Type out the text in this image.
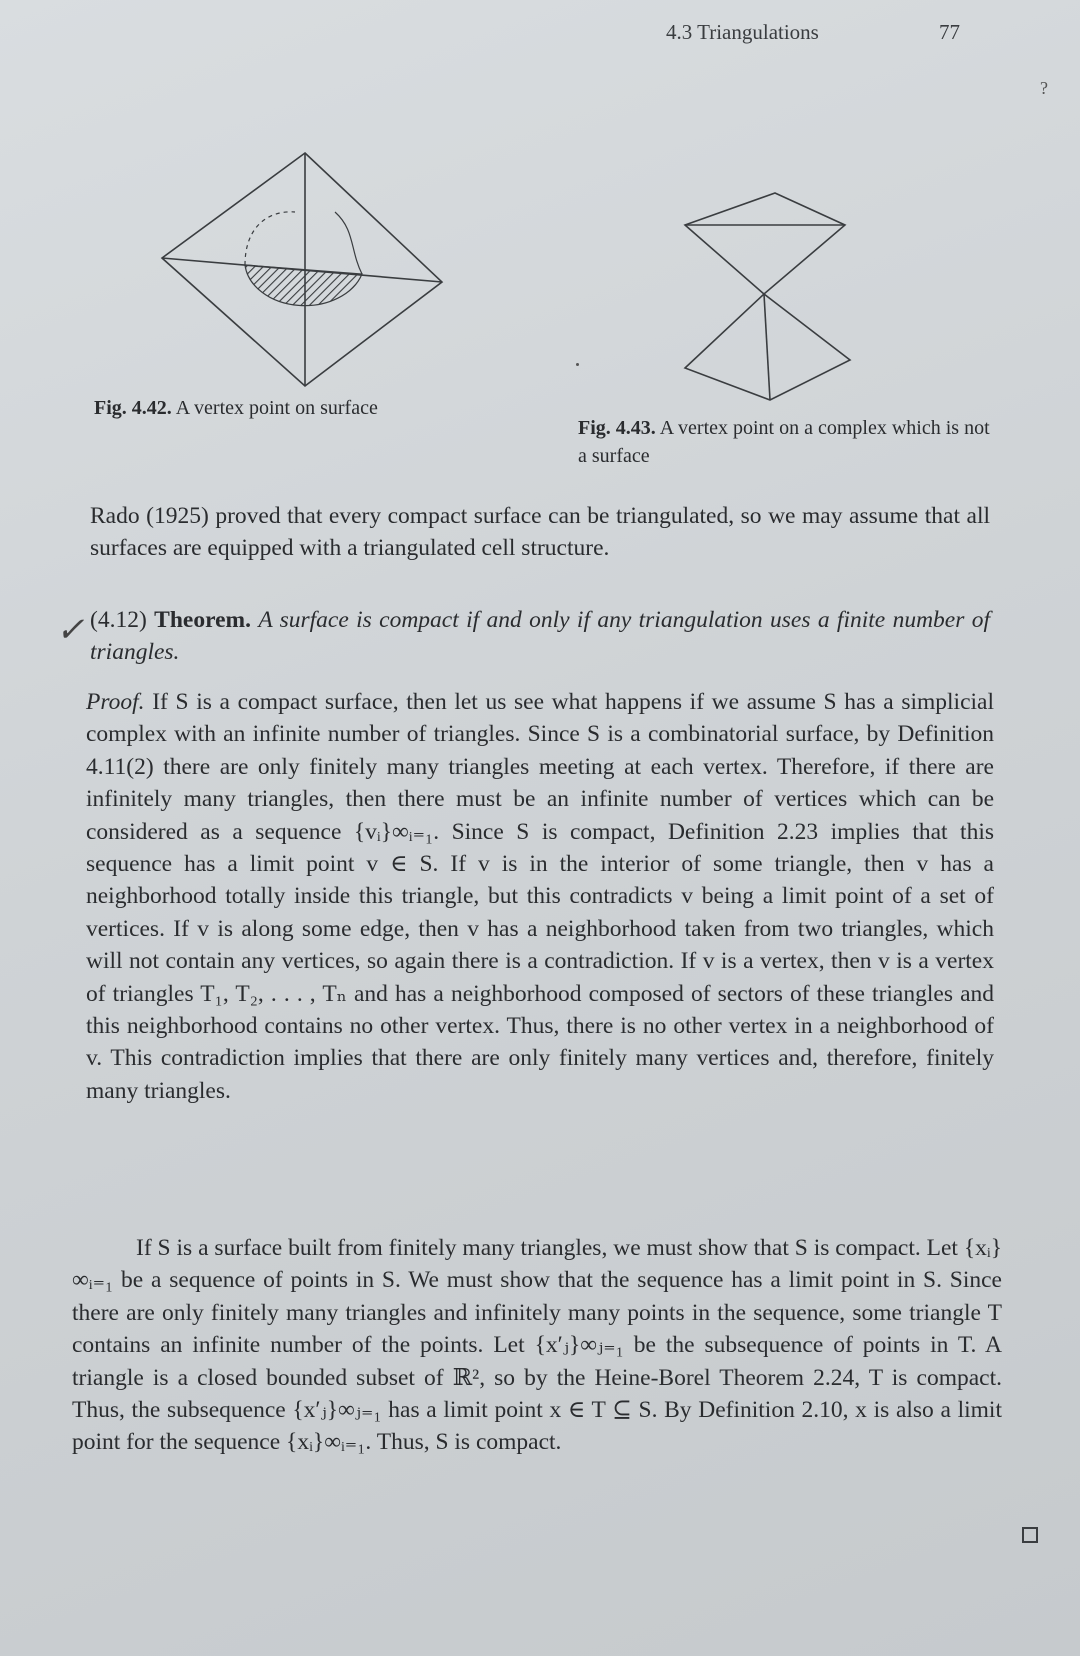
4.3 Triangulations	77
?
Fig. 4.42. A vertex point on surface
Fig. 4.43. A vertex point on a complex which is not a surface
Rado (1925) proved that every compact surface can be triangulated, so we may assume that all surfaces are equipped with a triangulated cell structure.
✓ (4.12) Theorem. A surface is compact if and only if any triangulation uses a finite number of triangles.
Proof. If S is a compact surface, then let us see what happens if we assume S has a simplicial complex with an infinite number of triangles. Since S is a combinatorial surface, by Definition 4.11(2) there are only finitely many triangles meeting at each vertex. Therefore, if there are infinitely many triangles, then there must be an infinite number of vertices which can be considered as a sequence {vᵢ}∞ᵢ₌₁. Since S is compact, Definition 2.23 implies that this sequence has a limit point v ∈ S. If v is in the interior of some triangle, then v has a neighborhood totally inside this triangle, but this contradicts v being a limit point of a set of vertices. If v is along some edge, then v has a neighborhood taken from two triangles, which will not contain any vertices, so again there is a contradiction. If v is a vertex, then v is a vertex of triangles T₁, T₂, . . . , Tₙ and has a neighborhood composed of sectors of these triangles and this neighborhood contains no other vertex. Thus, there is no other vertex in a neighborhood of v. This contradiction implies that there are only finitely many vertices and, therefore, finitely many triangles.
If S is a surface built from finitely many triangles, we must show that S is compact. Let {xᵢ}∞ᵢ₌₁ be a sequence of points in S. We must show that the sequence has a limit point in S. Since there are only finitely many triangles and infinitely many points in the sequence, some triangle T contains an infinite number of the points. Let {x′ⱼ}∞ⱼ₌₁ be the subsequence of points in T. A triangle is a closed bounded subset of ℝ², so by the Heine-Borel Theorem 2.24, T is compact. Thus, the subsequence {x′ⱼ}∞ⱼ₌₁ has a limit point x ∈ T ⊆ S. By Definition 2.10, x is also a limit point for the sequence {xᵢ}∞ᵢ₌₁. Thus, S is compact.
